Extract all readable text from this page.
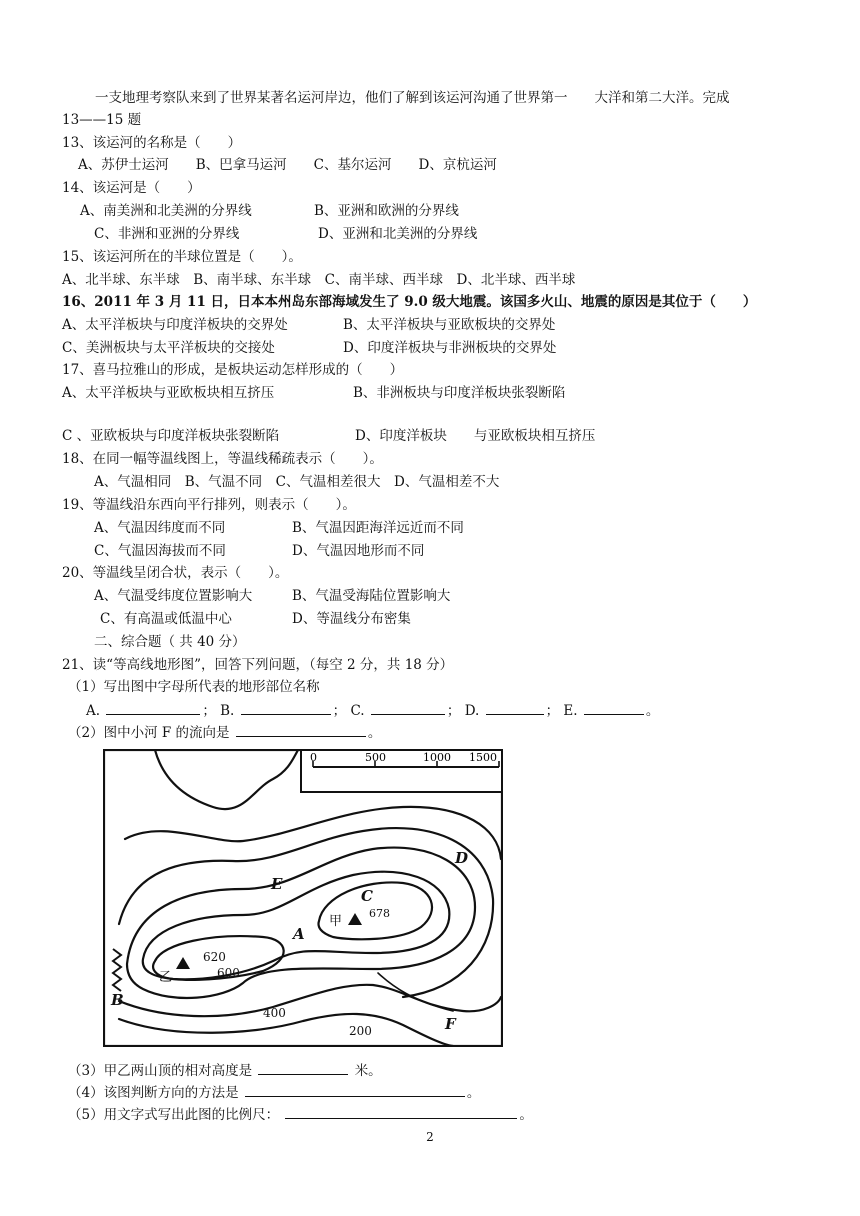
一支地理考察队来到了世界某著名运河岸边，他们了解到该运河沟通了世界第一　　大洋和第二大洋。完成
13——15 题
13、该运河的名称是（　　）
A、苏伊士运河　　B、巴拿马运河　　C、基尔运河　　D、京杭运河
14、该运河是（　　）
A、南美洲和北美洲的分界线	B、亚洲和欧洲的分界线
C、非洲和亚洲的分界线	D、亚洲和北美洲的分界线
15、该运河所在的半球位置是（　　）。
A、北半球、东半球　B、南半球、东半球　C、南半球、西半球　D、北半球、西半球
16、2011 年 3 月 11 日，日本本州岛东部海域发生了 9.0 级大地震。该国多火山、地震的原因是其位于（　　）
A、太平洋板块与印度洋板块的交界处	B、太平洋板块与亚欧板块的交界处
C、美洲板块与太平洋板块的交接处	D、印度洋板块与非洲板块的交界处
17、喜马拉雅山的形成，是板块运动怎样形成的（　　）
A、太平洋板块与亚欧板块相互挤压	B、非洲板块与印度洋板块张裂断陷
C 、亚欧板块与印度洋板块张裂断陷	D、印度洋板块　　与亚欧板块相互挤压
18、在同一幅等温线图上，等温线稀疏表示（　　）。
A、气温相同　B、气温不同　C、气温相差很大　D、气温相差不大
19、等温线沿东西向平行排列，则表示（　　）。
A、气温因纬度而不同	B、气温因距海洋远近而不同
C、气温因海拔而不同	D、气温因地形而不同
20、等温线呈闭合状，表示（　　）。
A、气温受纬度位置影响大	B、气温受海陆位置影响大
C、有高温或低温中心	D、等温线分布密集
二、综合题（ 共 40 分）
21、读“等高线地形图”，回答下列问题，（每空 2 分，共 18 分）
（1）写出图中字母所代表的地形部位名称
A.	； B.	； C.	； D.	； E.	。
（2）图中小河 F 的流向是	。
0	500	1000 1500
A
B
C
D
E
F
甲
乙
620
600
400
200
678
（3）甲乙两山顶的相对高度是	米。
（4）该图判断方向的方法是	。
（5）用文字式写出此图的比例尺：	。
2
